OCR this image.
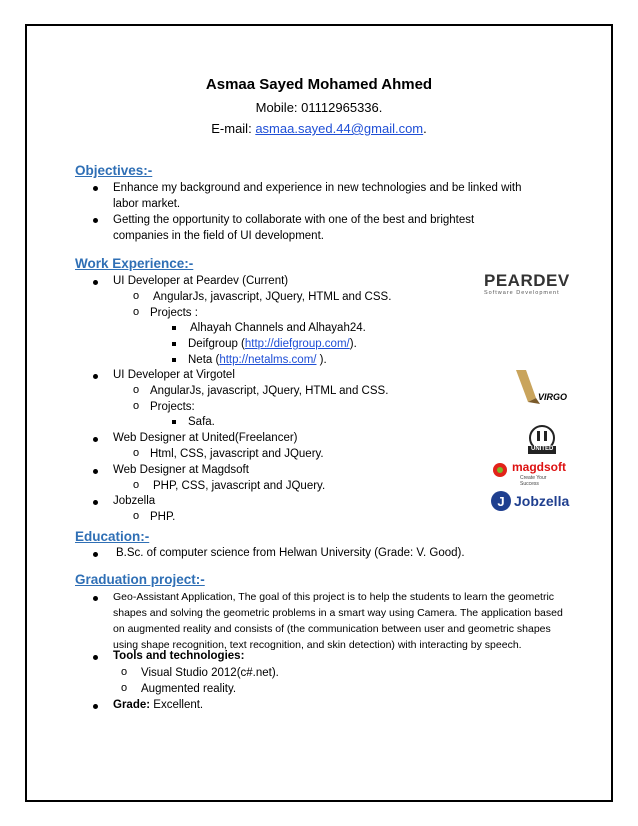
Asmaa Sayed Mohamed Ahmed
Mobile: 01112965336.
E-mail: asmaa.sayed.44@gmail.com.
Objectives:-
Enhance my background and experience in new technologies and be linked with
labor market.
Getting the opportunity to collaborate with one of the best and brightest
companies in the field of UI development.
Work Experience:-
UI Developer at Peardev (Current)
o AngularJs, javascript, JQuery, HTML and CSS.
o Projects :
Alhayah Channels and Alhayah24.
Deifgroup (http://diefgroup.com/).
Neta (http://netalms.com/ ).
UI Developer at Virgotel
o AngularJs, javascript, JQuery, HTML and CSS.
o Projects:
Safa.
Web Designer at United(Freelancer)
o Html, CSS, javascript and JQuery.
Web Designer at Magdsoft
o PHP, CSS, javascript and JQuery.
Jobzella
o PHP.
PEARDEV
Software Development
VIRGO
UNITED
magdsoft
Create Your Success
J Jobzella
Education:-
B.Sc. of computer science from Helwan University (Grade: V. Good).
Graduation project:-
Geo-Assistant Application, The goal of this project is to help the students to learn the geometric
shapes and solving the geometric problems in a smart way using Camera. The application based
on augmented reality and consists of (the communication between user and geometric shapes
using shape recognition, text recognition, and skin detection) with interacting by speech.
Tools and technologies:
o Visual Studio 2012(c#.net).
o Augmented reality.
Grade: Excellent.
